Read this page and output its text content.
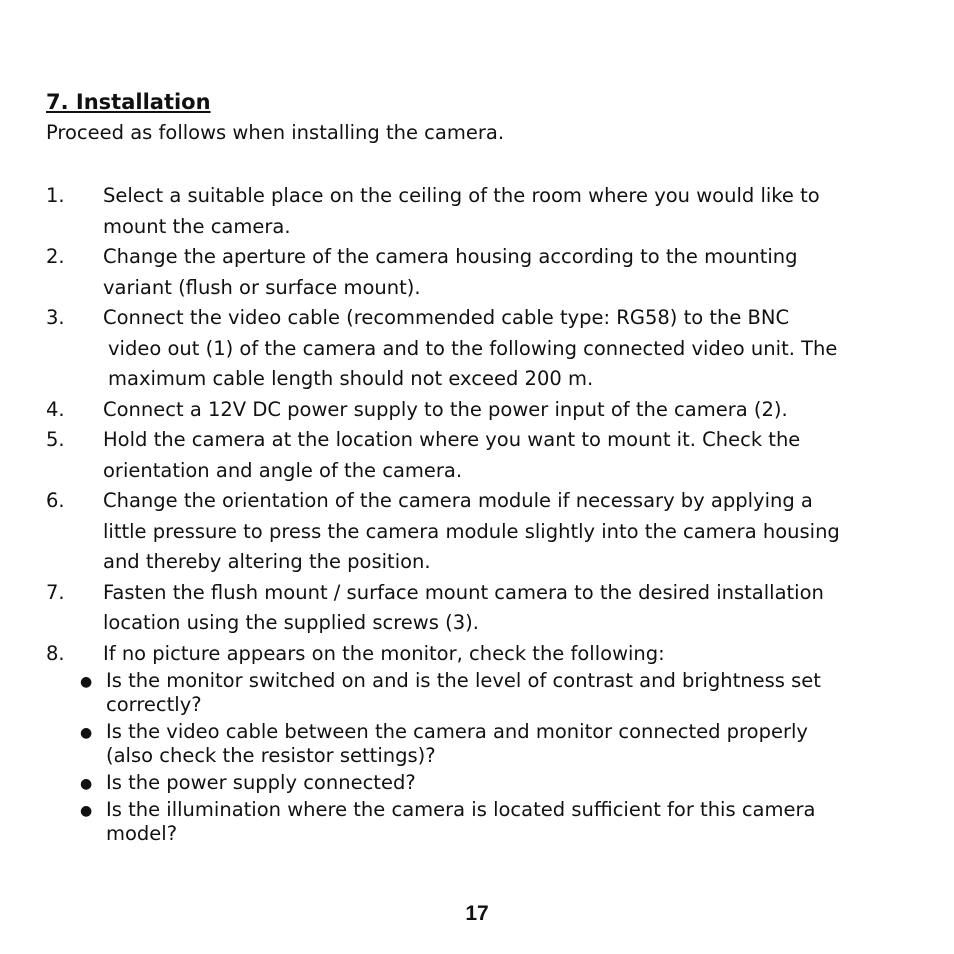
7. Installation

Proceed as follows when installing the camera.

1. Select a suitable place on the ceiling of the room where you would like to
mount the camera.
2. Change the aperture of the camera housing according to the mounting
variant (flush or surface mount).
3. Connect the video cable (recommended cable type: RG58) to the BNC
video out (1) of the camera and to the following connected video unit. The
maximum cable length should not exceed 200 m.
4. Connect a 12V DC power supply to the power input of the camera (2).
5. Hold the camera at the location where you want to mount it. Check the
orientation and angle of the camera.
6. Change the orientation of the camera module if necessary by applying a
little pressure to press the camera module slightly into the camera housing
and thereby altering the position.
7. Fasten the flush mount / surface mount camera to the desired installation
location using the supplied screws (3).
8. If no picture appears on the monitor, check the following:
● Is the monitor switched on and is the level of contrast and brightness set
correctly?
● Is the video cable between the camera and monitor connected properly
(also check the resistor settings)?
● Is the power supply connected?
● Is the illumination where the camera is located sufficient for this camera
model?
17
